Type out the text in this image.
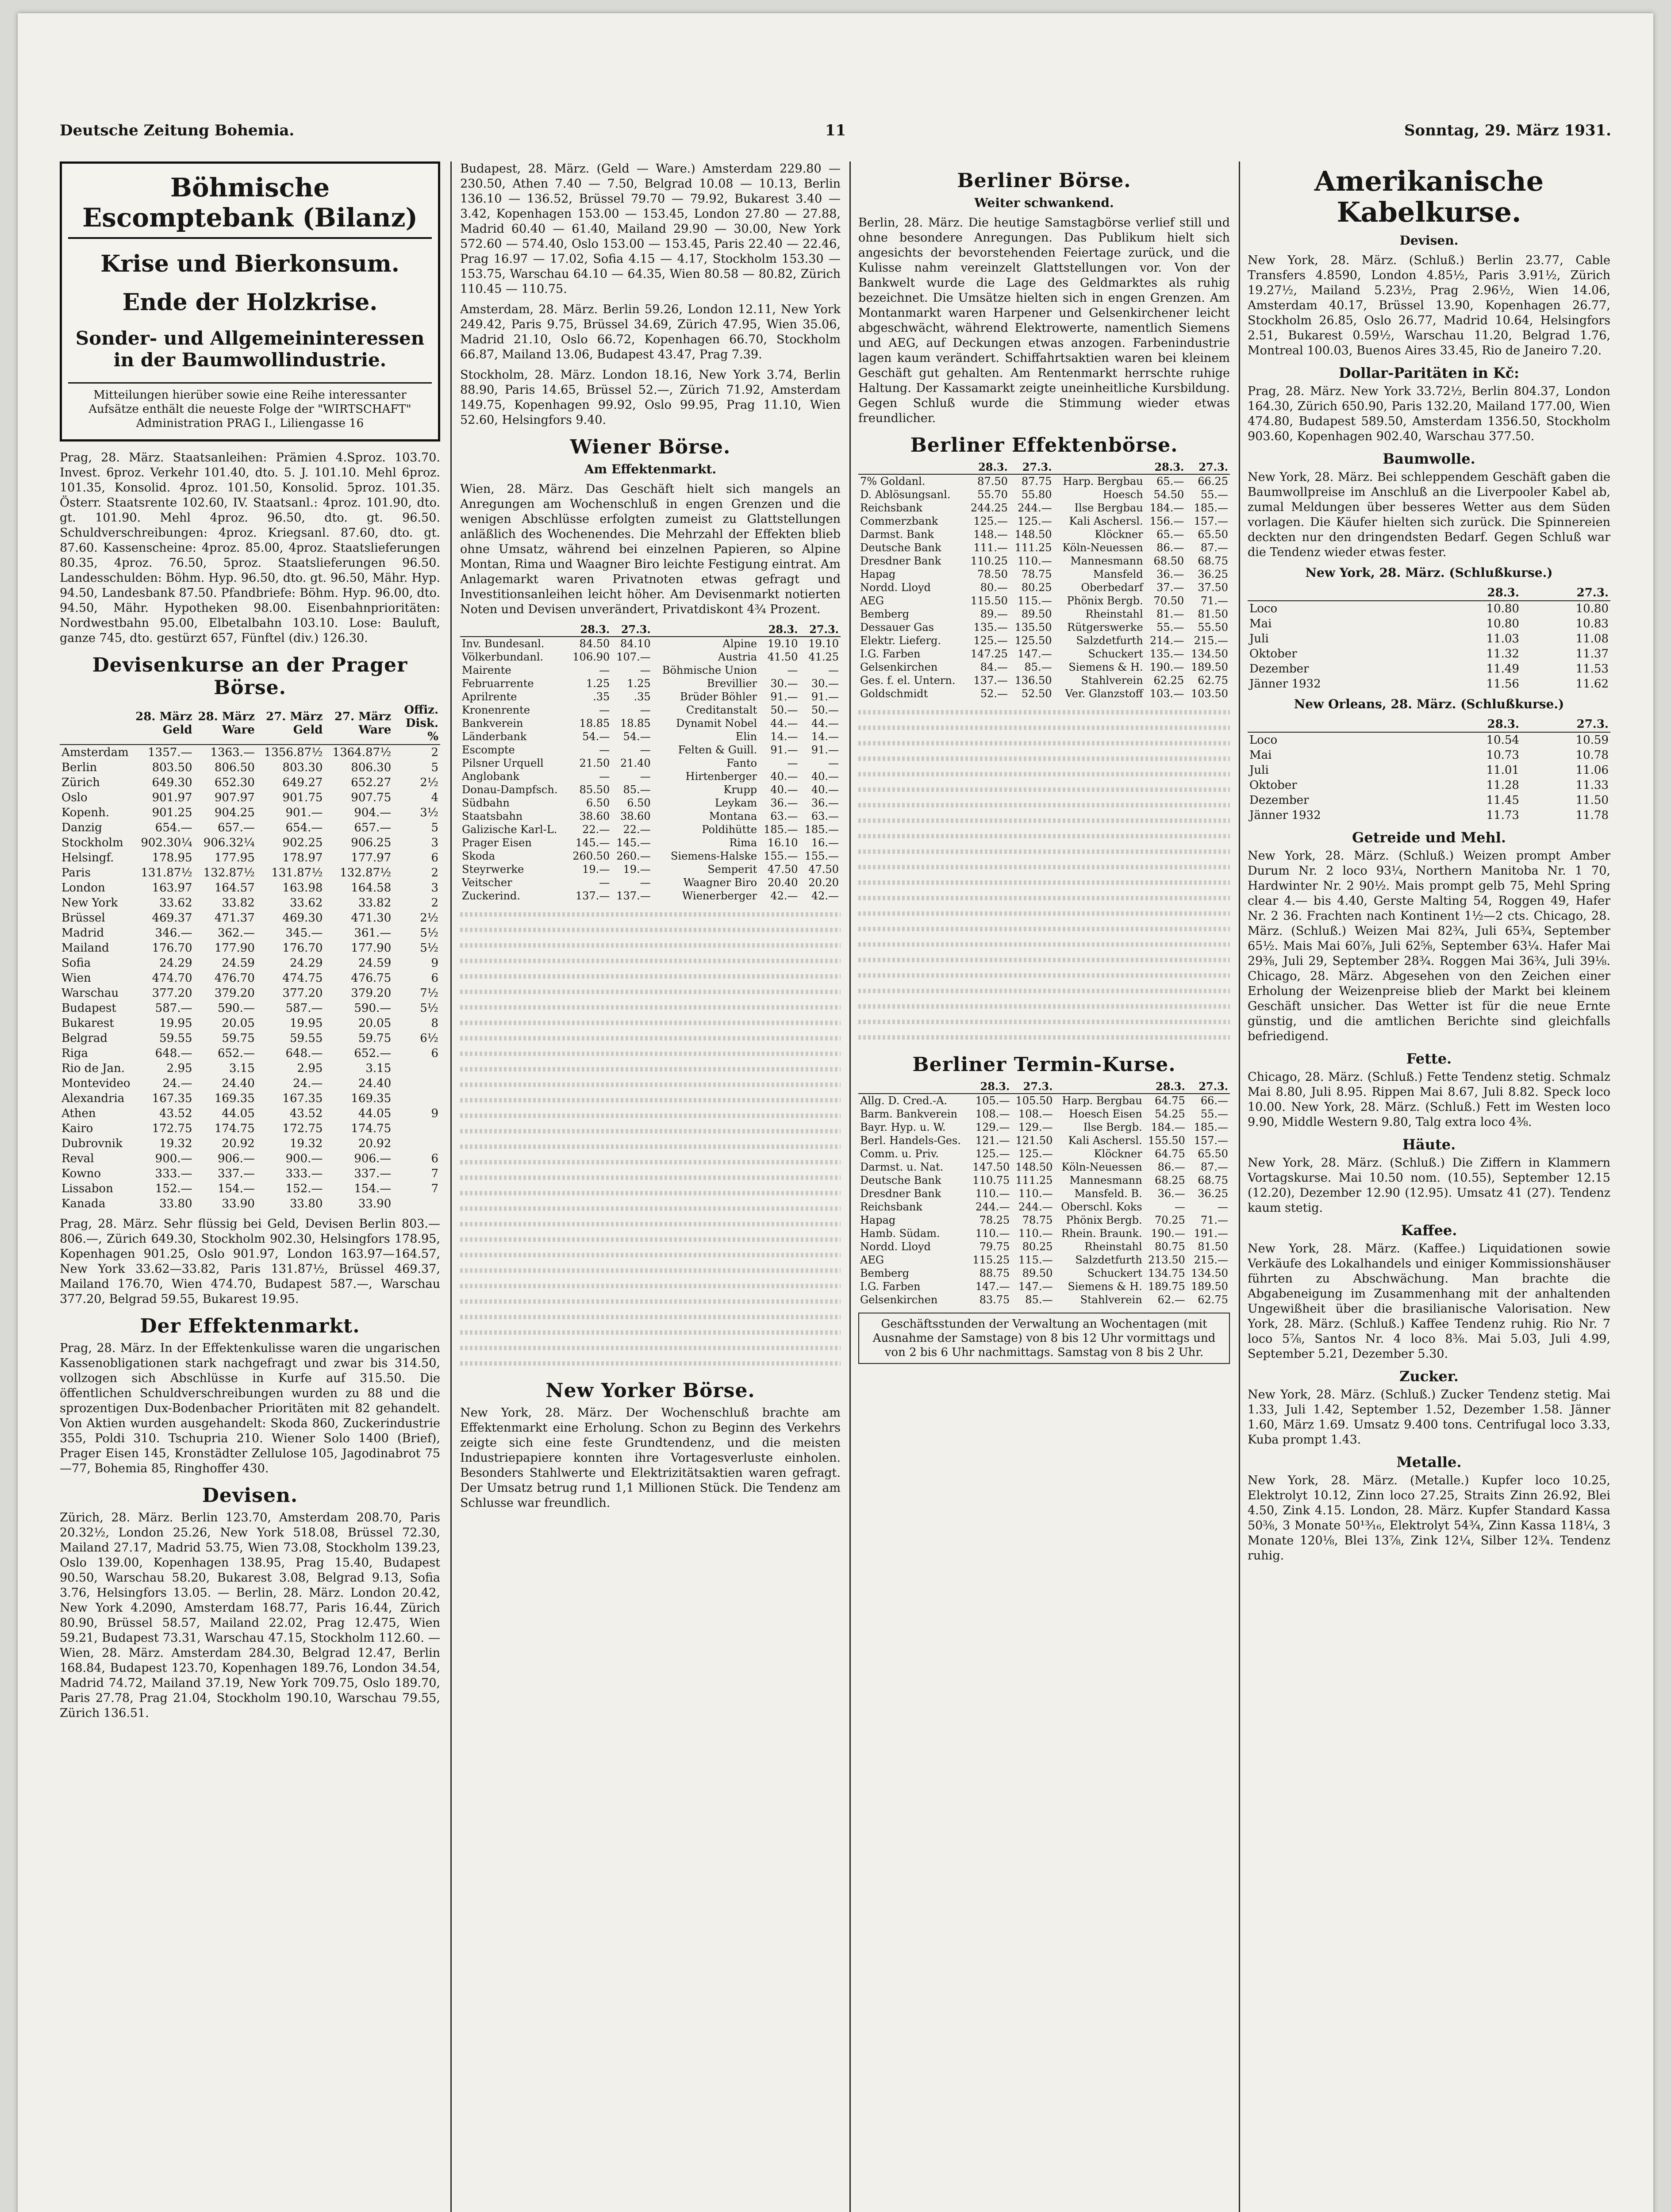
Deutsche Zeitung Bohemia.	11	Sonntag, 29. März 1931.
Böhmische Escomptebank (Bilanz)
Krise und Bierkonsum.
Ende der Holzkrise.
Sonder- und Allgemeininteressen in der Baumwollindustrie.
Mitteilungen hierüber sowie eine Reihe interessanter Aufsätze enthält die neueste Folge der "WIRTSCHAFT" Administration PRAG I., Liliengasse 16

Prag, 28. März. Staatsanleihen: Prämien 4.Sproz. 103.70. Invest. 6proz. Verkehr 101.40, dto. 5. J. 101.10. Mehl 6proz. 101.35, Konsolid. 4proz. 101.50, Konsolid. 5proz. 101.35. Österr. Staatsrente 102.60, IV. Staatsanl.: 4proz. 101.90, dto. gt. 101.90. Mehl 4proz. 96.50, dto. gt. 96.50. Schuldverschreibungen: 4proz. Kriegsanl. 87.60, dto. gt. 87.60. Kassenscheine: 4proz. 85.00, 4proz. Staatslieferungen 80.35, 4proz. 76.50, 5proz. Staatslieferungen 96.50. Landesschulden: Böhm. Hyp. 96.50, dto. gt. 96.50, Mähr. Hyp. 94.50, Landesbank 87.50. Pfandbriefe: Böhm. Hyp. 96.00, dto. 94.50, Mähr. Hypotheken 98.00. Eisenbahnprioritäten: Nordwestbahn 95.00, Elbetalbahn 103.10. Lose: Bauluft, ganze 745, dto. gestürzt 657, Fünftel (div.) 126.30.

Devisenkurse an der Prager Börse.
	28. März Geld	28. März Ware	27. März Geld	27. März Ware	Offiz. Disk. %
Amsterdam	1357.—	1363.—	1356.87½	1364.87½	2
Berlin	803.50	806.50	803.30	806.30	5
Zürich	649.30	652.30	649.27	652.27	2½
Oslo	901.97	907.97	901.75	907.75	4
Kopenh.	901.25	904.25	901.—	904.—	3½
Danzig	654.—	657.—	654.—	657.—	5
Stockholm	902.30¼	906.32¼	902.25	906.25	3
Helsingf.	178.95	177.95	178.97	177.97	6
Paris	131.87½	132.87½	131.87½	132.87½	2
London	163.97	164.57	163.98	164.58	3
New York	33.62	33.82	33.62	33.82	2
Brüssel	469.37	471.37	469.30	471.30	2½
Madrid	346.—	362.—	345.—	361.—	5½
Mailand	176.70	177.90	176.70	177.90	5½
Sofia	24.29	24.59	24.29	24.59	9
Wien	474.70	476.70	474.75	476.75	6
Warschau	377.20	379.20	377.20	379.20	7½
Budapest	587.—	590.—	587.—	590.—	5½
Bukarest	19.95	20.05	19.95	20.05	8
Belgrad	59.55	59.75	59.55	59.75	6½
Riga	648.—	652.—	648.—	652.—	6
Rio de Jan.	2.95	3.15	2.95	3.15	
Montevideo	24.—	24.40	24.—	24.40	
Alexandria	167.35	169.35	167.35	169.35	
Athen	43.52	44.05	43.52	44.05	9
Kairo	172.75	174.75	172.75	174.75	
Dubrovnik	19.32	20.92	19.32	20.92	
Reval	900.—	906.—	900.—	906.—	6
Kowno	333.—	337.—	333.—	337.—	7
Lissabon	152.—	154.—	152.—	154.—	7
Kanada	33.80	33.90	33.80	33.90	

Prag, 28. März. Sehr flüssig bei Geld, Devisen Berlin 803.—806.—, Zürich 649.30, Stockholm 902.30, Helsingfors 178.95, Kopenhagen 901.25, Oslo 901.97, London 163.97—164.57, New York 33.62—33.82, Paris 131.87½, Brüssel 469.37, Mailand 176.70, Wien 474.70, Budapest 587.—, Warschau 377.20, Belgrad 59.55, Bukarest 19.95.

Der Effektenmarkt.

Prag, 28. März. In der Effektenkulisse waren die ungarischen Kassenobligationen stark nachgefragt und zwar bis 314.50, vollzogen sich Abschlüsse in Kurfe auf 315.50. Die öffentlichen Schuldverschreibungen wurden zu 88 und die sprozentigen Dux-Bodenbacher Prioritäten mit 82 gehandelt. Von Aktien wurden ausgehandelt: Skoda 860, Zuckerindustrie 355, Poldi 310. Tschupria 210. Wiener Solo 1400 (Brief), Prager Eisen 145, Kronstädter Zellulose 105, Jagodinabrot 75—77, Bohemia 85, Ringhoffer 430.

Devisen.

Zürich, 28. März. Berlin 123.70, Amsterdam 208.70, Paris 20.32½, London 25.26, New York 518.08, Brüssel 72.30, Mailand 27.17, Madrid 53.75, Wien 73.08, Stockholm 139.23, Oslo 139.00, Kopenhagen 138.95, Prag 15.40, Budapest 90.50, Warschau 58.20, Bukarest 3.08, Belgrad 9.13, Sofia 3.76, Helsingfors 13.05. — Berlin, 28. März. London 20.42, New York 4.2090, Amsterdam 168.77, Paris 16.44, Zürich 80.90, Brüssel 58.57, Mailand 22.02, Prag 12.475, Wien 59.21, Budapest 73.31, Warschau 47.15, Stockholm 112.60. — Wien, 28. März. Amsterdam 284.30, Belgrad 12.47, Berlin 168.84, Budapest 123.70, Kopenhagen 189.76, London 34.54, Madrid 74.72, Mailand 37.19, New York 709.75, Oslo 189.70, Paris 27.78, Prag 21.04, Stockholm 190.10, Warschau 79.55, Zürich 136.51.

Budapest, 28. März. (Geld — Ware.) Amsterdam 229.80 — 230.50, Athen 7.40 — 7.50, Belgrad 10.08 — 10.13, Berlin 136.10 — 136.52, Brüssel 79.70 — 79.92, Bukarest 3.40 — 3.42, Kopenhagen 153.00 — 153.45, London 27.80 — 27.88, Madrid 60.40 — 61.40, Mailand 29.90 — 30.00, New York 572.60 — 574.40, Oslo 153.00 — 153.45, Paris 22.40 — 22.46, Prag 16.97 — 17.02, Sofia 4.15 — 4.17, Stockholm 153.30 — 153.75, Warschau 64.10 — 64.35, Wien 80.58 — 80.82, Zürich 110.45 — 110.75.

Amsterdam, 28. März. Berlin 59.26, London 12.11, New York 249.42, Paris 9.75, Brüssel 34.69, Zürich 47.95, Wien 35.06, Madrid 21.10, Oslo 66.72, Kopenhagen 66.70, Stockholm 66.87, Mailand 13.06, Budapest 43.47, Prag 7.39.

Stockholm, 28. März. London 18.16, New York 3.74, Berlin 88.90, Paris 14.65, Brüssel 52.—, Zürich 71.92, Amsterdam 149.75, Kopenhagen 99.92, Oslo 99.95, Prag 11.10, Wien 52.60, Helsingfors 9.40.

Wiener Börse.
Am Effektenmarkt.

Wien, 28. März. Das Geschäft hielt sich mangels an Anregungen am Wochenschluß in engen Grenzen und die wenigen Abschlüsse erfolgten zumeist zu Glattstellungen anläßlich des Wochenendes. Die Mehrzahl der Effekten blieb ohne Umsatz, während bei einzelnen Papieren, so Alpine Montan, Rima und Waagner Biro leichte Festigung eintrat. Am Anlagemarkt waren Privatnoten etwas gefragt und Investitionsanleihen leicht höher. Am Devisenmarkt notierten Noten und Devisen unverändert, Privatdiskont 4¾ Prozent.

	28.3.	27.3.		28.3.	27.3.
Inv. Bundesanl.	84.50	84.10	Alpine	19.10	19.10
Völkerbundanl.	106.90	107.—	Austria	41.50	41.25
Mairente	—	—	Böhmische Union	—	—
Februarrente	1.25	1.25	Brevillier	30.—	30.—
Aprilrente	.35	.35	Brüder Böhler	91.—	91.—
Kronenrente	—	—	Creditanstalt	50.—	50.—
Bankverein	18.85	18.85	Dynamit Nobel	44.—	44.—
Länderbank	54.—	54.—	Elin	14.—	14.—
Escompte	—	—	Felten & Guill.	91.—	91.—
Pilsner Urquell	21.50	21.40	Fanto	—	—
Anglobank	—	—	Hirtenberger	40.—	40.—
Donau-Dampfsch.	85.50	85.—	Krupp	40.—	40.—
Südbahn	6.50	6.50	Leykam	36.—	36.—
Staatsbahn	38.60	38.60	Montana	63.—	63.—
Galizische Karl-L.	22.—	22.—	Poldihütte	185.—	185.—
Prager Eisen	145.—	145.—	Rima	16.10	16.—
Skoda	260.50	260.—	Siemens-Halske	155.—	155.—
Steyrwerke	19.—	19.—	Semperit	47.50	47.50
Veitscher	—	—	Waagner Biro	20.40	20.20
Zuckerind.	137.—	137.—	Wienerberger	42.—	42.—
New Yorker Börse.

New York, 28. März. Der Wochenschluß brachte am Effektenmarkt eine Erholung. Schon zu Beginn des Verkehrs zeigte sich eine feste Grundtendenz, und die meisten Industriepapiere konnten ihre Vortagesverluste einholen. Besonders Stahlwerte und Elektrizitätsaktien waren gefragt. Der Umsatz betrug rund 1,1 Millionen Stück. Die Tendenz am Schlusse war freundlich.

Berliner Börse.
Weiter schwankend.

Berlin, 28. März. Die heutige Samstagbörse verlief still und ohne besondere Anregungen. Das Publikum hielt sich angesichts der bevorstehenden Feiertage zurück, und die Kulisse nahm vereinzelt Glattstellungen vor. Von der Bankwelt wurde die Lage des Geldmarktes als ruhig bezeichnet. Die Umsätze hielten sich in engen Grenzen. Am Montanmarkt waren Harpener und Gelsenkirchener leicht abgeschwächt, während Elektrowerte, namentlich Siemens und AEG, auf Deckungen etwas anzogen. Farbenindustrie lagen kaum verändert. Schiffahrtsaktien waren bei kleinem Geschäft gut gehalten. Am Rentenmarkt herrschte ruhige Haltung. Der Kassamarkt zeigte uneinheitliche Kursbildung. Gegen Schluß wurde die Stimmung wieder etwas freundlicher.

Berliner Effektenbörse.
	28.3.	27.3.		28.3.	27.3.
7% Goldanl.	87.50	87.75	Harp. Bergbau	65.—	66.25
D. Ablösungsanl.	55.70	55.80	Hoesch	54.50	55.—
Reichsbank	244.25	244.—	Ilse Bergbau	184.—	185.—
Commerzbank	125.—	125.—	Kali Aschersl.	156.—	157.—
Darmst. Bank	148.—	148.50	Klöckner	65.—	65.50
Deutsche Bank	111.—	111.25	Köln-Neuessen	86.—	87.—
Dresdner Bank	110.25	110.—	Mannesmann	68.50	68.75
Hapag	78.50	78.75	Mansfeld	36.—	36.25
Nordd. Lloyd	80.—	80.25	Oberbedarf	37.—	37.50
AEG	115.50	115.—	Phönix Bergb.	70.50	71.—
Bemberg	89.—	89.50	Rheinstahl	81.—	81.50
Dessauer Gas	135.—	135.50	Rütgerswerke	55.—	55.50
Elektr. Lieferg.	125.—	125.50	Salzdetfurth	214.—	215.—
I.G. Farben	147.25	147.—	Schuckert	135.—	134.50
Gelsenkirchen	84.—	85.—	Siemens & H.	190.—	189.50
Ges. f. el. Untern.	137.—	136.50	Stahlverein	62.25	62.75
Goldschmidt	52.—	52.50	Ver. Glanzstoff	103.—	103.50
Berliner Termin-Kurse.
	28.3.	27.3.		28.3.	27.3.
Allg. D. Cred.-A.	105.—	105.50	Harp. Bergbau	64.75	66.—
Barm. Bankverein	108.—	108.—	Hoesch Eisen	54.25	55.—
Bayr. Hyp. u. W.	129.—	129.—	Ilse Bergb.	184.—	185.—
Berl. Handels-Ges.	121.—	121.50	Kali Aschersl.	155.50	157.—
Comm. u. Priv.	125.—	125.—	Klöckner	64.75	65.50
Darmst. u. Nat.	147.50	148.50	Köln-Neuessen	86.—	87.—
Deutsche Bank	110.75	111.25	Mannesmann	68.25	68.75
Dresdner Bank	110.—	110.—	Mansfeld. B.	36.—	36.25
Reichsbank	244.—	244.—	Oberschl. Koks	—	—
Hapag	78.25	78.75	Phönix Bergb.	70.25	71.—
Hamb. Südam.	110.—	110.—	Rhein. Braunk.	190.—	191.—
Nordd. Lloyd	79.75	80.25	Rheinstahl	80.75	81.50
AEG	115.25	115.—	Salzdetfurth	213.50	215.—
Bemberg	88.75	89.50	Schuckert	134.75	134.50
I.G. Farben	147.—	147.—	Siemens & H.	189.75	189.50
Gelsenkirchen	83.75	85.—	Stahlverein	62.—	62.75
Geschäftsstunden der Verwaltung an Wochentagen (mit Ausnahme der Samstage) von 8 bis 12 Uhr vormittags und von 2 bis 6 Uhr nachmittags. Samstag von 8 bis 2 Uhr.
Amerikanische Kabelkurse.
Devisen.

New York, 28. März. (Schluß.) Berlin 23.77, Cable Transfers 4.8590, London 4.85½, Paris 3.91½, Zürich 19.27½, Mailand 5.23½, Prag 2.96½, Wien 14.06, Amsterdam 40.17, Brüssel 13.90, Kopenhagen 26.77, Stockholm 26.85, Oslo 26.77, Madrid 10.64, Helsingfors 2.51, Bukarest 0.59½, Warschau 11.20, Belgrad 1.76, Montreal 100.03, Buenos Aires 33.45, Rio de Janeiro 7.20.

Dollar-Paritäten in Kč:

Prag, 28. März. New York 33.72½, Berlin 804.37, London 164.30, Zürich 650.90, Paris 132.20, Mailand 177.00, Wien 474.80, Budapest 589.50, Amsterdam 1356.50, Stockholm 903.60, Kopenhagen 902.40, Warschau 377.50.

Baumwolle.

New York, 28. März. Bei schleppendem Geschäft gaben die Baumwollpreise im Anschluß an die Liverpooler Kabel ab, zumal Meldungen über besseres Wetter aus dem Süden vorlagen. Die Käufer hielten sich zurück. Die Spinnereien deckten nur den dringendsten Bedarf. Gegen Schluß war die Tendenz wieder etwas fester.

New York, 28. März. (Schlußkurse.)
	28.3.	27.3.
Loco	10.80	10.80
Mai	10.80	10.83
Juli	11.03	11.08
Oktober	11.32	11.37
Dezember	11.49	11.53
Jänner 1932	11.56	11.62
New Orleans, 28. März. (Schlußkurse.)
	28.3.	27.3.
Loco	10.54	10.59
Mai	10.73	10.78
Juli	11.01	11.06
Oktober	11.28	11.33
Dezember	11.45	11.50
Jänner 1932	11.73	11.78
Getreide und Mehl.

New York, 28. März. (Schluß.) Weizen prompt Amber Durum Nr. 2 loco 93¼, Northern Manitoba Nr. 1 70, Hardwinter Nr. 2 90½. Mais prompt gelb 75, Mehl Spring clear 4.— bis 4.40, Gerste Malting 54, Roggen 49, Hafer Nr. 2 36. Frachten nach Kontinent 1½—2 cts. Chicago, 28. März. (Schluß.) Weizen Mai 82¾, Juli 65¾, September 65½. Mais Mai 60⅞, Juli 62⅝, September 63¼. Hafer Mai 29⅜, Juli 29, September 28¾. Roggen Mai 36¾, Juli 39⅛. Chicago, 28. März. Abgesehen von den Zeichen einer Erholung der Weizenpreise blieb der Markt bei kleinem Geschäft unsicher. Das Wetter ist für die neue Ernte günstig, und die amtlichen Berichte sind gleichfalls befriedigend.

Fette.

Chicago, 28. März. (Schluß.) Fette Tendenz stetig. Schmalz Mai 8.80, Juli 8.95. Rippen Mai 8.67, Juli 8.82. Speck loco 10.00. New York, 28. März. (Schluß.) Fett im Westen loco 9.90, Middle Western 9.80, Talg extra loco 4⅜.

Häute.

New York, 28. März. (Schluß.) Die Ziffern in Klammern Vortagskurse. Mai 10.50 nom. (10.55), September 12.15 (12.20), Dezember 12.90 (12.95). Umsatz 41 (27). Tendenz kaum stetig.

Kaffee.

New York, 28. März. (Kaffee.) Liquidationen sowie Verkäufe des Lokalhandels und einiger Kommissionshäuser führten zu Abschwächung. Man brachte die Abgabeneigung im Zusammenhang mit der anhaltenden Ungewißheit über die brasilianische Valorisation. New York, 28. März. (Schluß.) Kaffee Tendenz ruhig. Rio Nr. 7 loco 5⅞, Santos Nr. 4 loco 8⅜. Mai 5.03, Juli 4.99, September 5.21, Dezember 5.30.

Zucker.

New York, 28. März. (Schluß.) Zucker Tendenz stetig. Mai 1.33, Juli 1.42, September 1.52, Dezember 1.58. Jänner 1.60, März 1.69. Umsatz 9.400 tons. Centrifugal loco 3.33, Kuba prompt 1.43.

Metalle.

New York, 28. März. (Metalle.) Kupfer loco 10.25, Elektrolyt 10.12, Zinn loco 27.25, Straits Zinn 26.92, Blei 4.50, Zink 4.15. London, 28. März. Kupfer Standard Kassa 50⅜, 3 Monate 50¹³⁄₁₆, Elektrolyt 54¾, Zinn Kassa 118¼, 3 Monate 120⅛, Blei 13⅞, Zink 12¼, Silber 12¾. Tendenz ruhig.
